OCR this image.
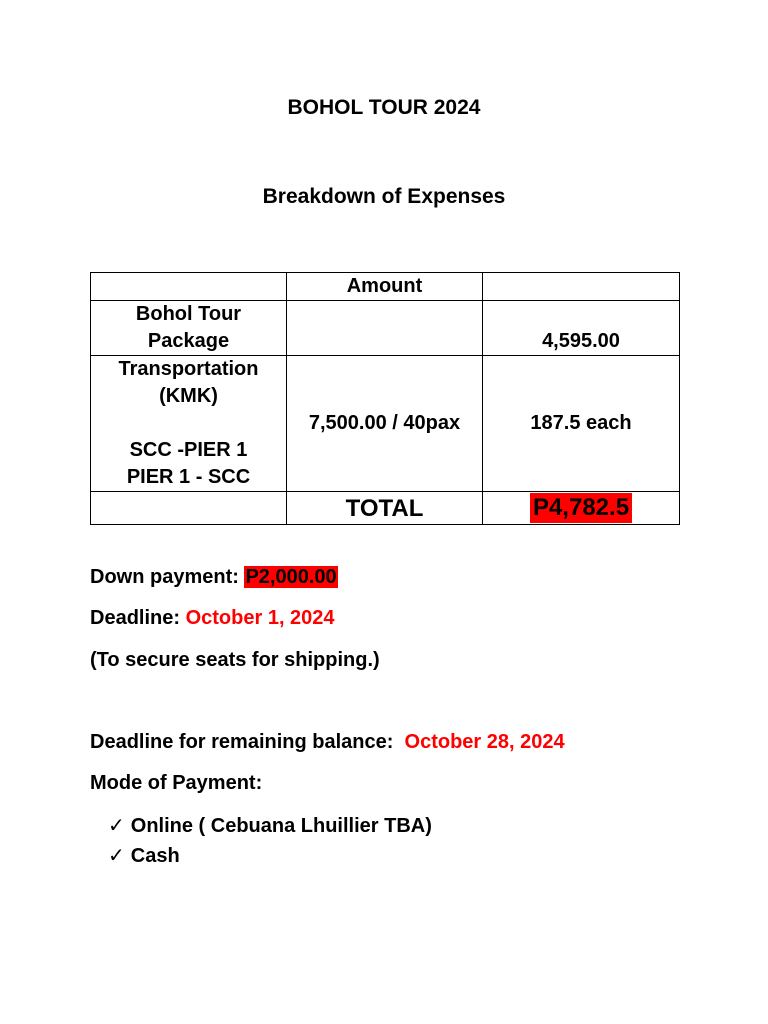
BOHOL TOUR 2024
Breakdown of Expenses
	Amount	

Bohol Tour
Package		4,595.00

Transportation
(KMK)
SCC -PIER 1
PIER 1 - SCC	7,500.00 / 40pax	187.5 each
	TOTAL	P4,782.5
Down payment: P2,000.00
Deadline: October 1, 2024
(To secure seats for shipping.)
Deadline for remaining balance:  October 28, 2024
Mode of Payment:
✓ Online ( Cebuana Lhuillier TBA)
✓ Cash
